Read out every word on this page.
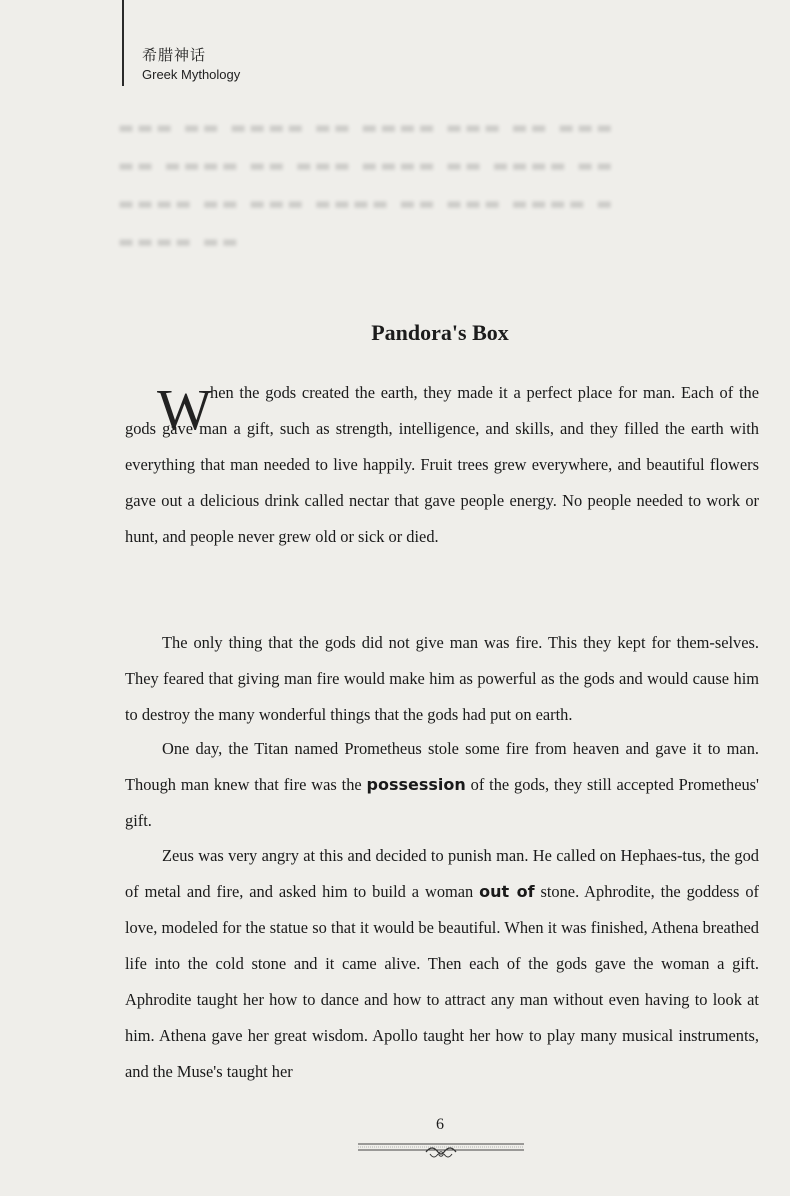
希腊神话
Greek Mythology
▬▬▬ ▬▬ ▬▬▬▬ ▬▬ ▬▬▬▬ ▬▬▬ ▬▬ ▬▬▬
▬▬ ▬▬▬▬ ▬▬ ▬▬▬ ▬▬▬▬ ▬▬ ▬▬▬▬ ▬▬
▬▬▬▬ ▬▬ ▬▬▬ ▬▬▬▬ ▬▬ ▬▬▬ ▬▬▬▬ ▬
▬▬▬▬ ▬▬
Pandora's Box
W
hen the gods created the earth, they made it a perfect place for man. Each of the gods gave man a gift, such as strength, intelligence, and skills, and they filled the earth with everything that man needed to live happily. Fruit trees grew everywhere, and beautiful flowers gave out a delicious drink called nectar that gave people energy. No people needed to work or hunt, and people never grew old or sick or died.
The only thing that the gods did not give man was fire. This they kept for them-selves. They feared that giving man fire would make him as powerful as the gods and would cause him to destroy the many wonderful things that the gods had put on earth.
One day, the Titan named Prometheus stole some fire from heaven and gave it to man. Though man knew that fire was the possession of the gods, they still accepted Prometheus' gift.
Zeus was very angry at this and decided to punish man. He called on Hephaes-tus, the god of metal and fire, and asked him to build a woman out of stone. Aphrodite, the goddess of love, modeled for the statue so that it would be beautiful. When it was finished, Athena breathed life into the cold stone and it came alive. Then each of the gods gave the woman a gift. Aphrodite taught her how to dance and how to attract any man without even having to look at him. Athena gave her great wisdom. Apollo taught her how to play many musical instruments, and the Muse's taught her
6
